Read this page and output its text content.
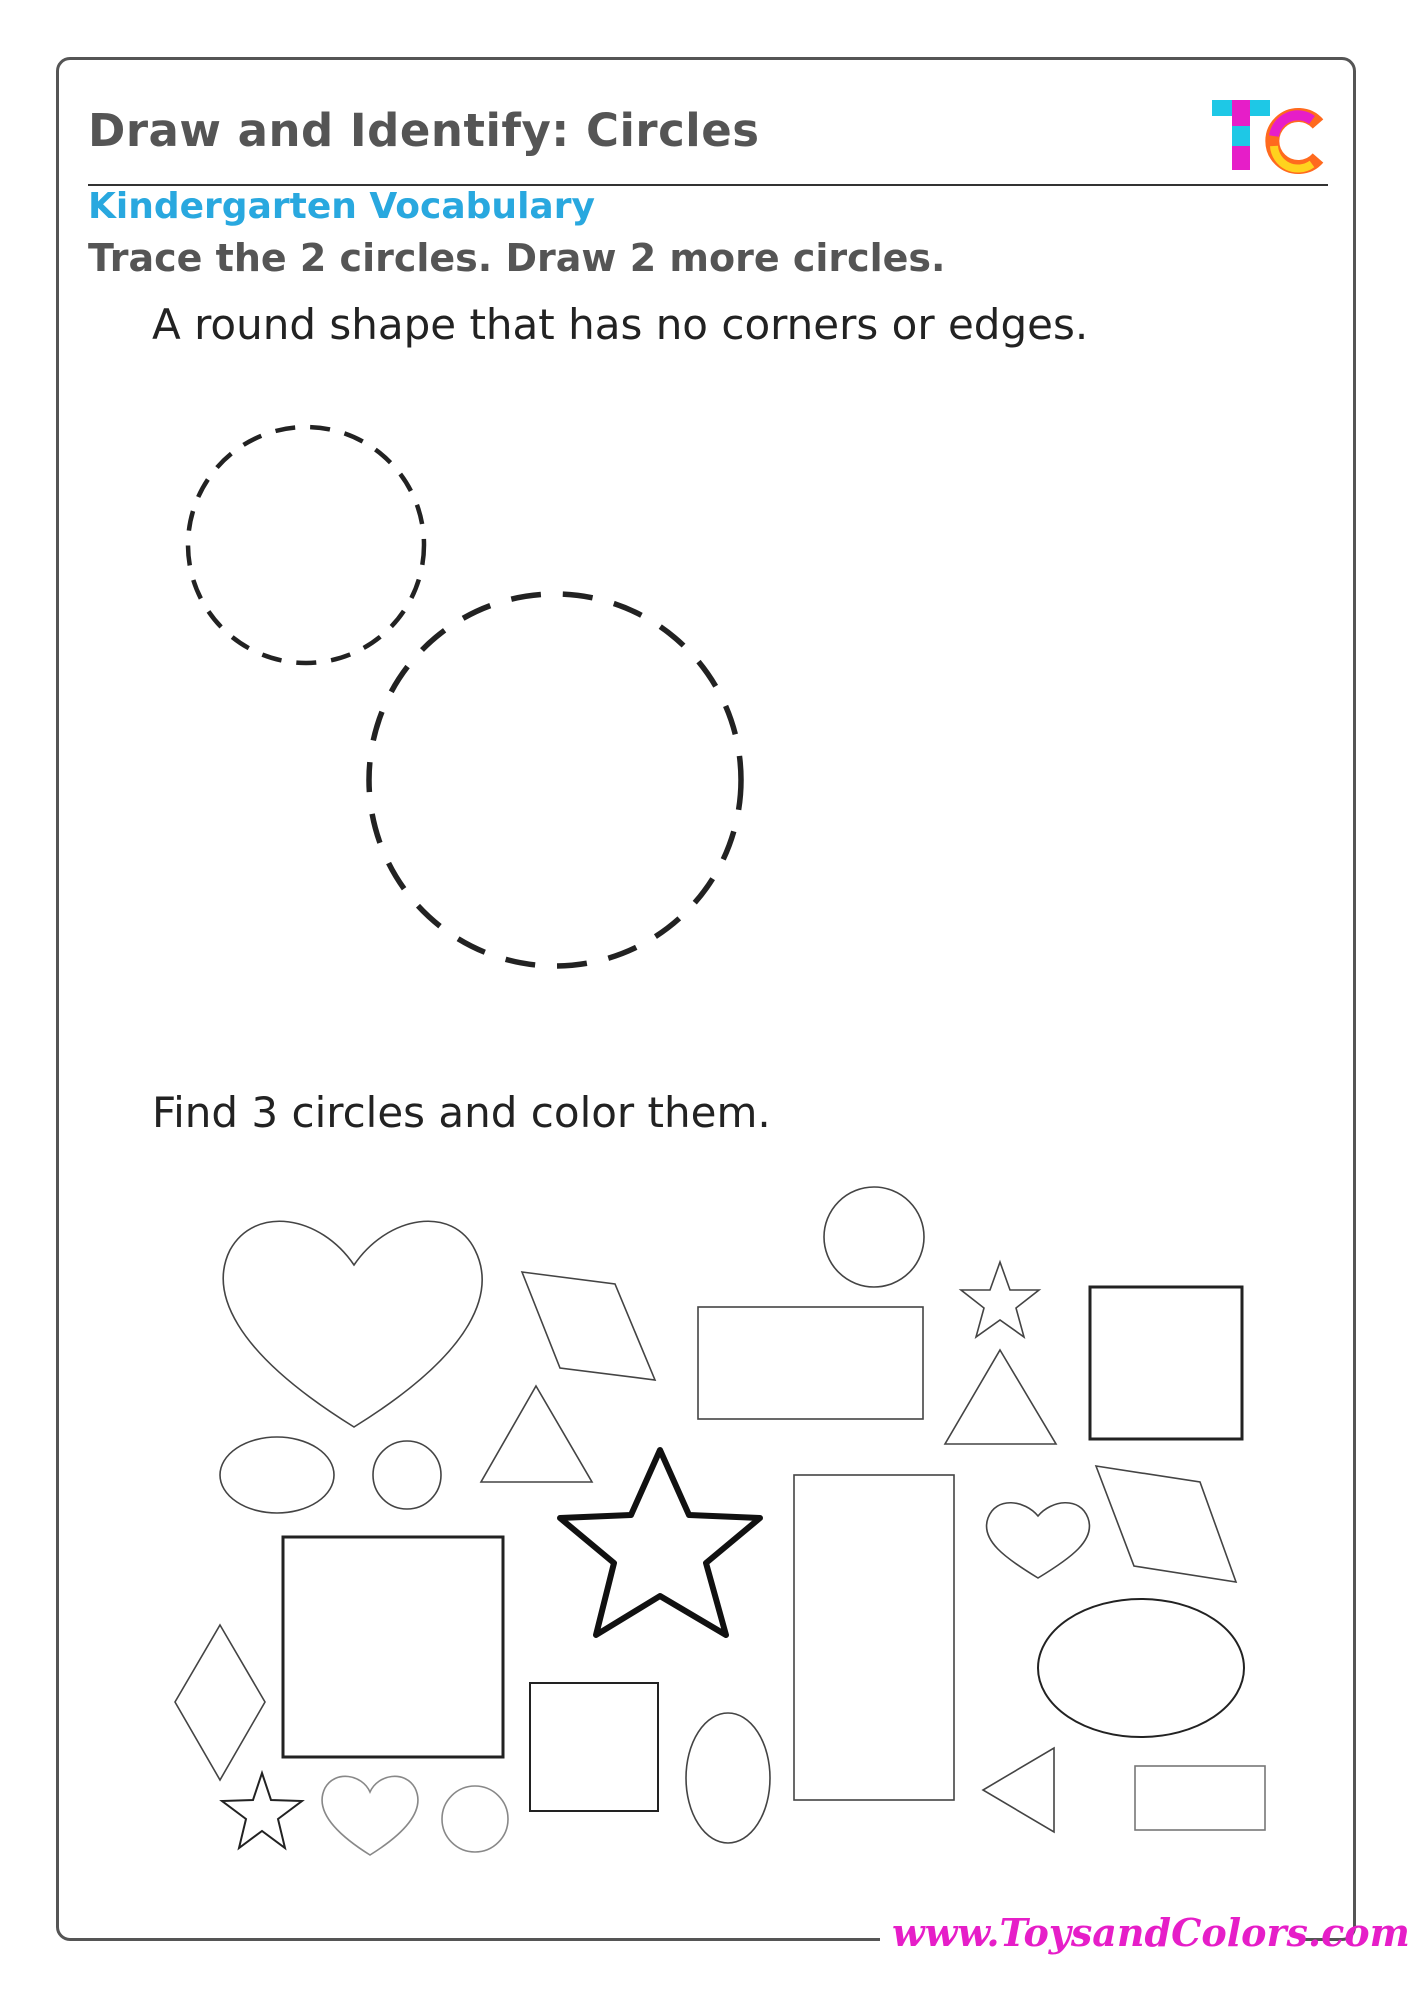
Draw and Identify: Circles
Kindergarten Vocabulary
Trace the 2 circles. Draw 2 more circles.
A round shape that has no corners or edges.
Find 3 circles and color them.
www.ToysandColors.com
